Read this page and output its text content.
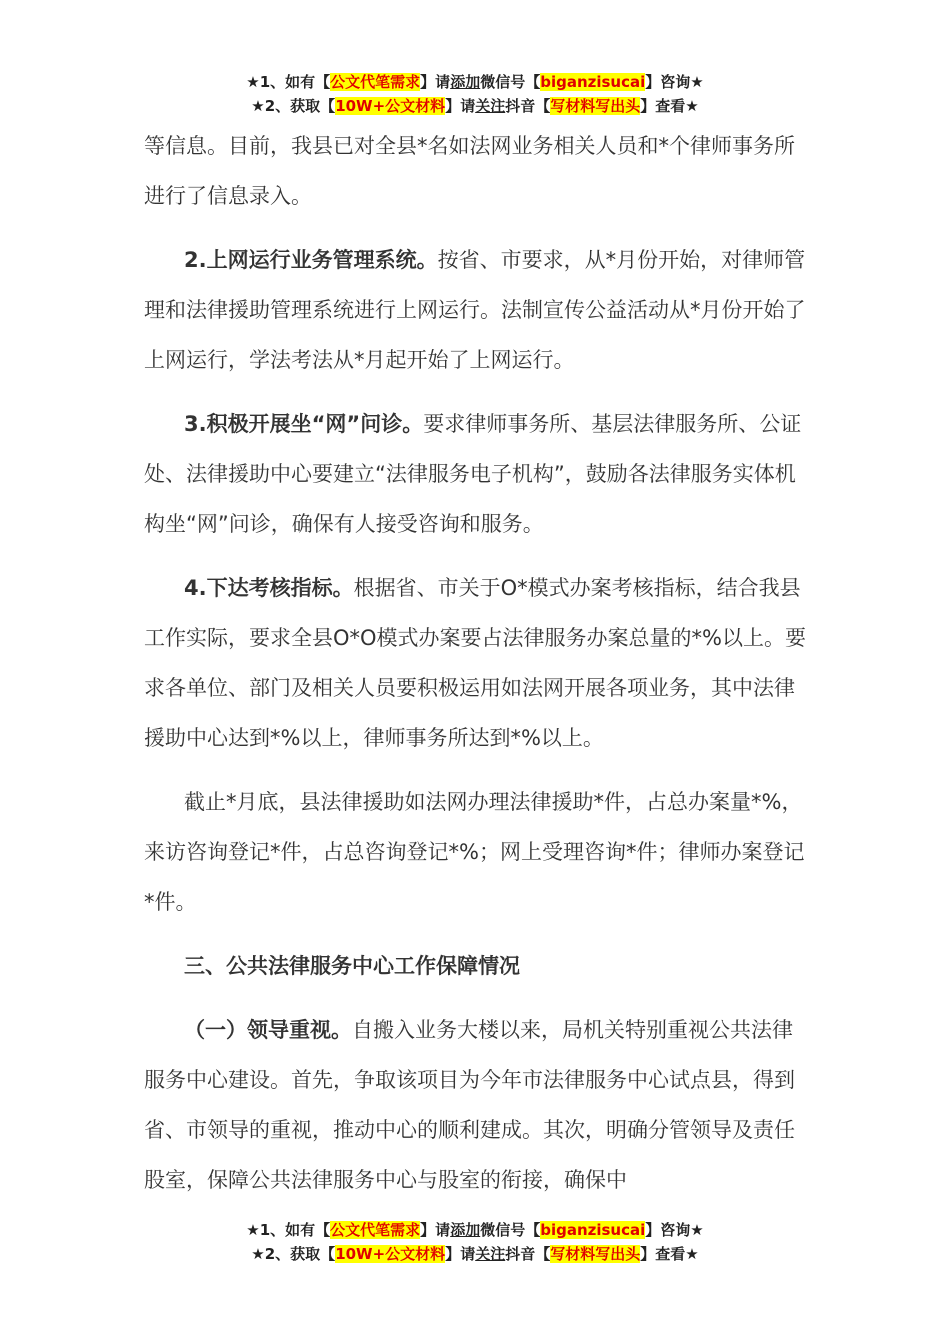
★1、如有【公文代笔需求】请添加微信号【biganzisucai】咨询★
★2、获取【10W+公文材料】请关注抖音【写材料写出头】查看★

等信息。目前，我县已对全县*名如法网业务相关人员和*个律师事务所进行了信息录入。

2.上网运行业务管理系统。按省、市要求，从*月份开始，对律师管理和法律援助管理系统进行上网运行。法制宣传公益活动从*月份开始了上网运行，学法考法从*月起开始了上网运行。

3.积极开展坐“网”问诊。要求律师事务所、基层法律服务所、公证处、法律援助中心要建立“法律服务电子机构”，鼓励各法律服务实体机构坐“网”问诊，确保有人接受咨询和服务。

4.下达考核指标。根据省、市关于O*模式办案考核指标，结合我县工作实际，要求全县O*O模式办案要占法律服务办案总量的*%以上。要求各单位、部门及相关人员要积极运用如法网开展各项业务，其中法律援助中心达到*%以上，律师事务所达到*%以上。

截止*月底，县法律援助如法网办理法律援助*件，占总办案量*%，来访咨询登记*件，占总咨询登记*%；网上受理咨询*件；律师办案登记*件。

三、公共法律服务中心工作保障情况

（一）领导重视。自搬入业务大楼以来，局机关特别重视公共法律服务中心建设。首先，争取该项目为今年市法律服务中心试点县，得到省、市领导的重视，推动中心的顺利建成。其次，明确分管领导及责任股室，保障公共法律服务中心与股室的衔接，确保中

★1、如有【公文代笔需求】请添加微信号【biganzisucai】咨询★
★2、获取【10W+公文材料】请关注抖音【写材料写出头】查看★
